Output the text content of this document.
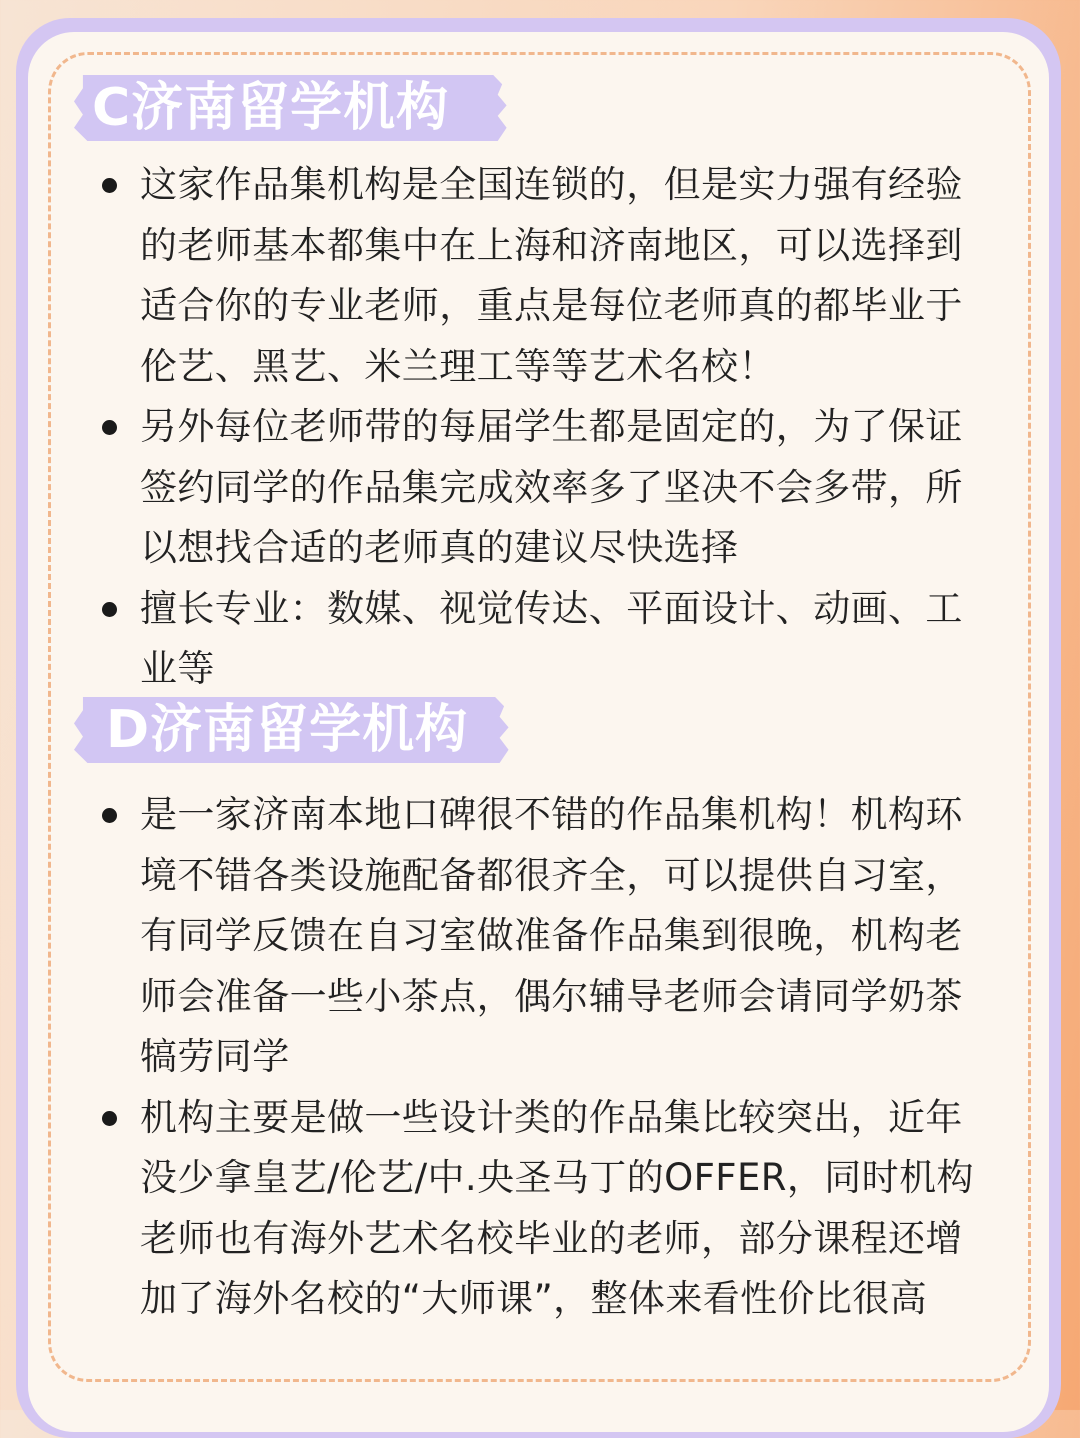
C济南留学机构
这家作品集机构是全国连锁的，但是实力强有经验的老师基本都集中在上海和济南地区，可以选择到适合你的专业老师，重点是每位老师真的都毕业于伦艺、黑艺、米兰理工等等艺术名校！
另外每位老师带的每届学生都是固定的，为了保证签约同学的作品集完成效率多了坚决不会多带，所以想找合适的老师真的建议尽快选择
擅长专业：数媒、视觉传达、平面设计、动画、工业等
D济南留学机构
是一家济南本地口碑很不错的作品集机构！机构环境不错各类设施配备都很齐全，可以提供自习室，有同学反馈在自习室做准备作品集到很晚，机构老师会准备一些小茶点，偶尔辅导老师会请同学奶茶犒劳同学
机构主要是做一些设计类的作品集比较突出，近年没少拿皇艺/伦艺/中.央圣马丁的OFFER，同时机构老师也有海外艺术名校毕业的老师，部分课程还增加了海外名校的“大师课”，整体来看性价比很高
